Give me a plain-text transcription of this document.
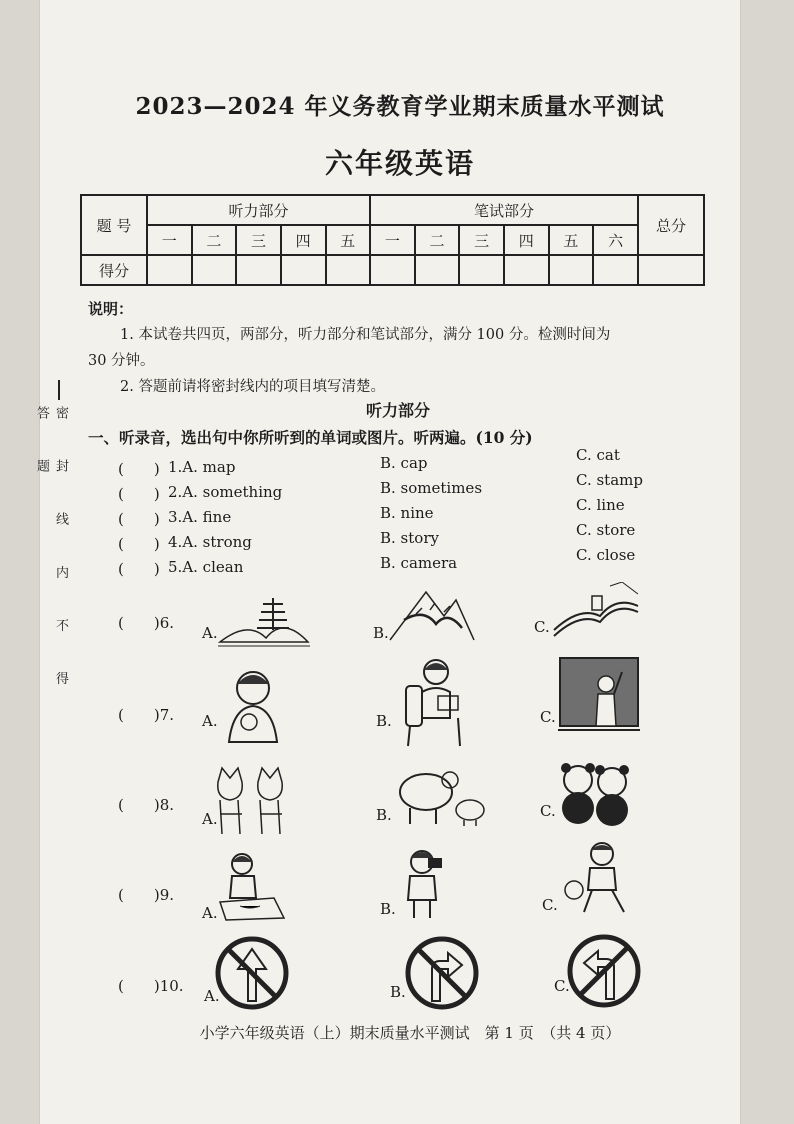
密 封 线 内 不 得 答 题
2023—2024 年义务教育学业期末质量水平测试
六年级英语
题 号	听力部分					笔试部分						总分
	一	二	三	四	五	一	二	三	四	五	六	
得分												

说明：

1. 本试卷共四页，两部分，听力部分和笔试部分，满分 100 分。检测时间为

30 分钟。

2. 答题前请将密封线内的项目填写清楚。

听力部分
一、听录音，选出句中你所听到的单词或图片。听两遍。(10 分)
(　　) 1.A. map	B. cap	C. cat
(　　) 2.A. something	B. sometimes	C. stamp
(　　) 3.A. fine	B. nine	C. line
(　　) 4.A. strong	B. story	C. store
(　　) 5.A. clean	B. camera	C. close
(　　)6.
A.	B.	C.
(　　)7. A.	B.	C.
(　　)8.
A.	B.	C.
(　　)9.
A.	B.	C.
(　　)10.
A.	B.	C.
小学六年级英语（上）期末质量水平测试　第 1 页　（共 4 页）
